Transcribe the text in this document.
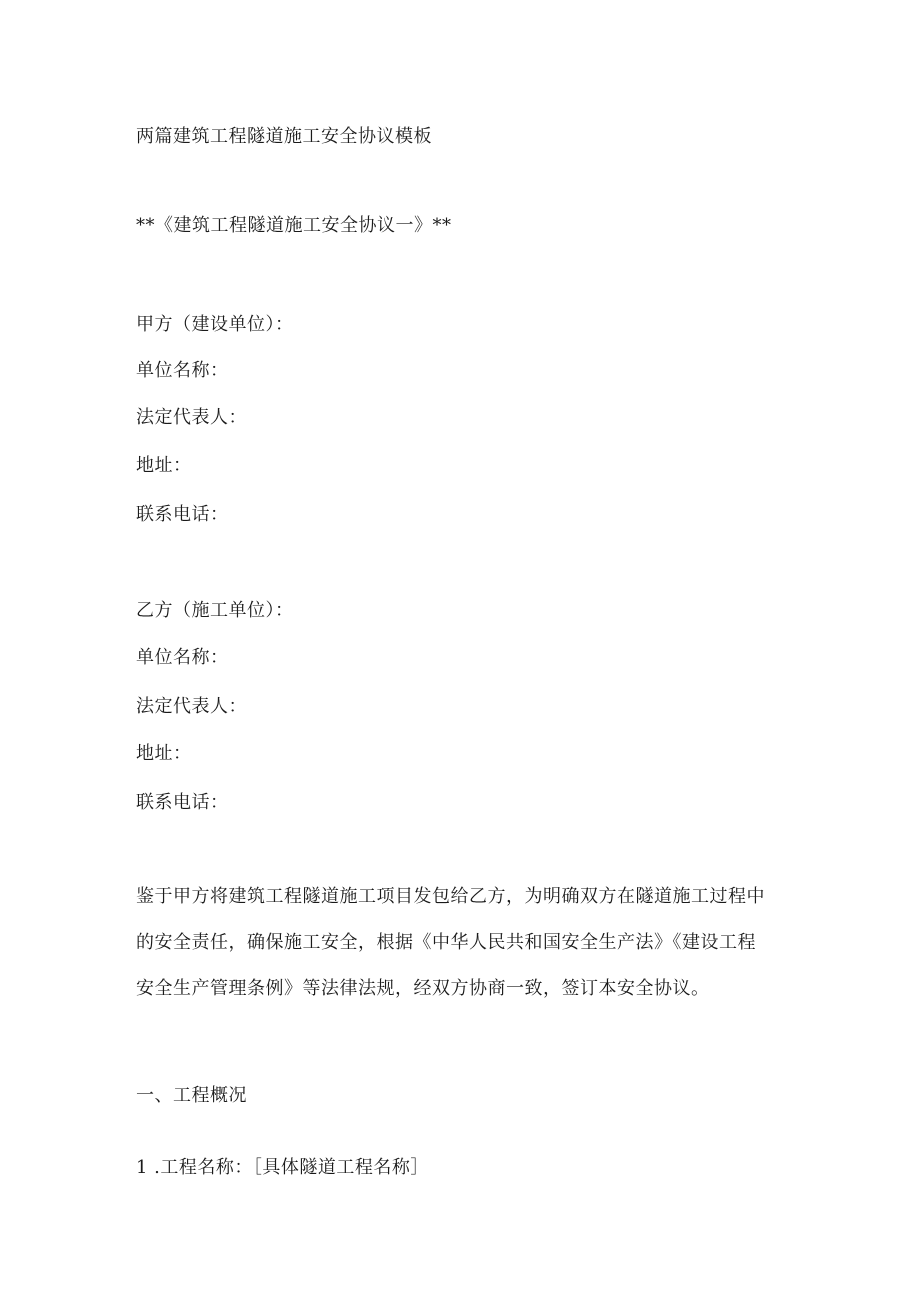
两篇建筑工程隧道施工安全协议模板
**《建筑工程隧道施工安全协议一》**
甲方（建设单位）：
单位名称：
法定代表人：
地址：
联系电话：
乙方（施工单位）：
单位名称：
法定代表人：
地址：
联系电话：
鉴于甲方将建筑工程隧道施工项目发包给乙方，为明确双方在隧道施工过程中
的安全责任，确保施工安全，根据《中华人民共和国安全生产法》《建设工程
安全生产管理条例》等法律法规，经双方协商一致，签订本安全协议。
一、工程概况
1 .工程名称：［具体隧道工程名称］
